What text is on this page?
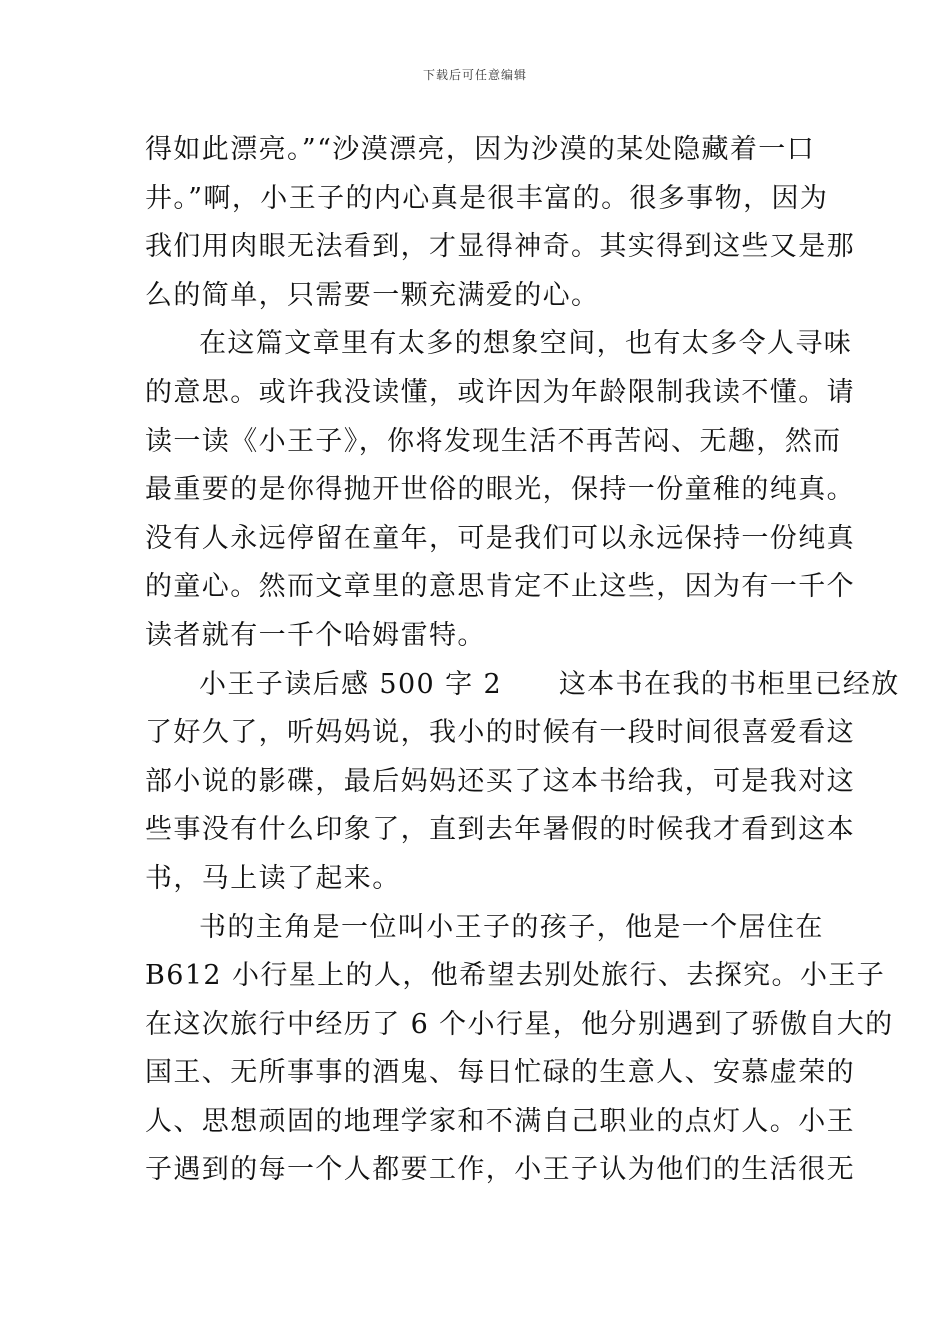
下载后可任意编辑
得如此漂亮。”“沙漠漂亮，因为沙漠的某处隐藏着一口
井。”啊，小王子的内心真是很丰富的。很多事物，因为
我们用肉眼无法看到，才显得神奇。其实得到这些又是那
么的简单，只需要一颗充满爱的心。
在这篇文章里有太多的想象空间，也有太多令人寻味
的意思。或许我没读懂，或许因为年龄限制我读不懂。请
读一读《小王子》，你将发现生活不再苦闷、无趣，然而
最重要的是你得抛开世俗的眼光，保持一份童稚的纯真。
没有人永远停留在童年，可是我们可以永远保持一份纯真
的童心。然而文章里的意思肯定不止这些，因为有一千个
读者就有一千个哈姆雷特。
小王子读后感 500 字 2　　这本书在我的书柜里已经放
了好久了，听妈妈说，我小的时候有一段时间很喜爱看这
部小说的影碟，最后妈妈还买了这本书给我，可是我对这
些事没有什么印象了，直到去年暑假的时候我才看到这本
书，马上读了起来。
书的主角是一位叫小王子的孩子，他是一个居住在
B612 小行星上的人，他希望去别处旅行、去探究。小王子
在这次旅行中经历了 6 个小行星，他分别遇到了骄傲自大的
国王、无所事事的酒鬼、每日忙碌的生意人、安慕虚荣的
人、思想顽固的地理学家和不满自己职业的点灯人。小王
子遇到的每一个人都要工作，小王子认为他们的生活很无
